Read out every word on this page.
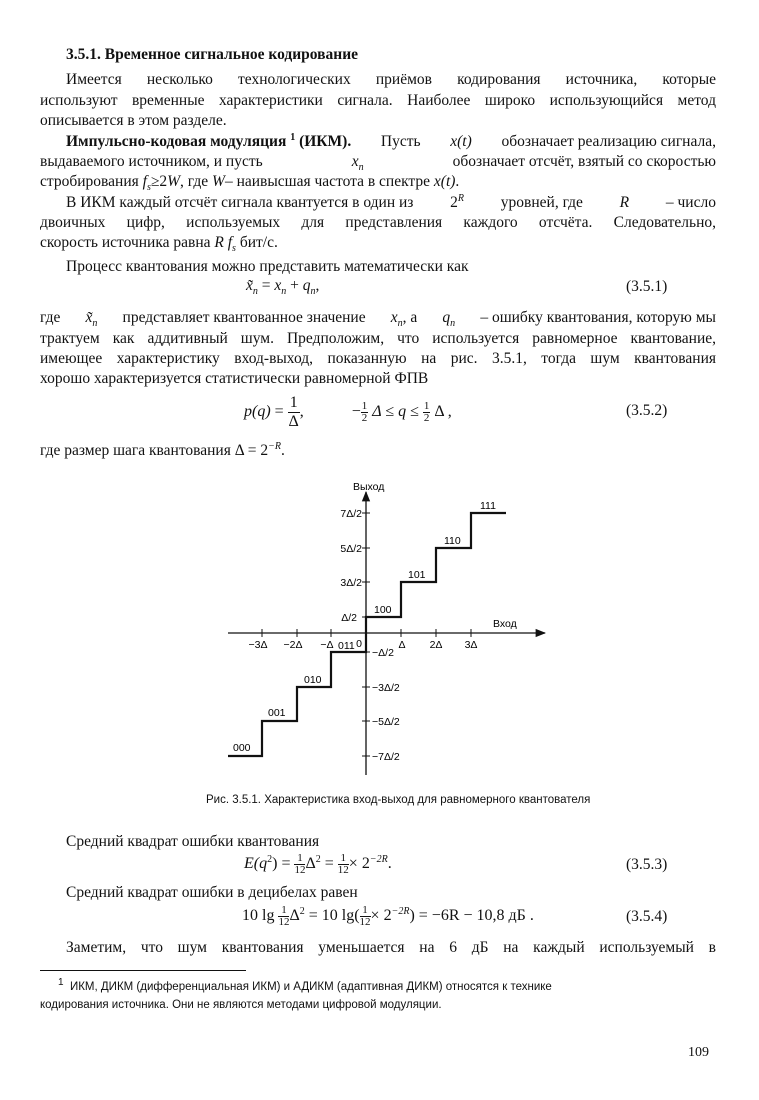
3.5.1. Временное сигнальное кодирование
Имеется несколько технологических приёмов кодирования источника, которые
используют временные характеристики сигнала. Наиболее широко использующийся метод
описывается в этом разделе.
Импульсно-кодовая модуляция $^1$ (ИКМ). Пусть x(t) обозначает реализацию сигнала,
выдаваемого источником, и пусть	$x_n$	обозначает отсчёт, взятый со скоростью
стробирования $f_s\ge 2W$, где W– наивысшая частота в спектре x(t).
В ИКМ каждый отсчёт сигнала квантуется в один из $2^R$ уровней, где R – число
двоичных цифр, используемых для представления каждого отсчёта. Следовательно,
скорость источника равна R $f_s$ бит/с.
Процесс квантования можно представить математически как
$x̃_n = x_n + q_n$,	(3.5.1)
где $x̃_n$ представляет квантованное значение $x_n$, а $q_n$ – ошибку квантования, которую мы
трактуем как аддитивный шум. Предположим, что используется равномерное квантование,
имеющее характеристику вход-выход, показанную на рис. 3.5.1, тогда шум квантования
хорошо характеризуется статистически равномерной ФПВ
$p(q) = \frac{1}{\Delta}$ ,	− $\frac{1}{2}$ $\Delta \le q \le \frac{1}{2}$ Δ ,	(3.5.2)
где размер шага квантования $\Delta = 2^{-R}$.
Выход
Вход
7Δ/2
5Δ/2
3Δ/2
Δ/2
−Δ/2
−3Δ/2
−5Δ/2
−7Δ/2
−3Δ −2Δ −Δ	Δ 2Δ 3Δ
0
000
001
010
011
100
101
110
111
Рис. 3.5.1. Характеристика вход-выход для равномерного квантователя
Средний квадрат ошибки квантования
$E(q^2) = \frac{1}{12} \Delta^2 = \frac{1}{12} \times 2^{-2R}$.	(3.5.3)
Средний квадрат ошибки в децибелах равен
10 $\lg \frac{1}{12} \Delta^2 = 10$ $\lg( \frac{1}{12} \times 2^{-2R}) = -6R - 10,8$ дБ .	(3.5.4)
Заметим, что шум квантования уменьшается на 6 дБ на каждый используемый в
$^1$ ИКМ, ДИКМ (дифференциальная ИКМ) и АДИКМ (адаптивная ДИКМ) относятся к технике
кодирования источника. Они не являются методами цифровой модуляции.
109
